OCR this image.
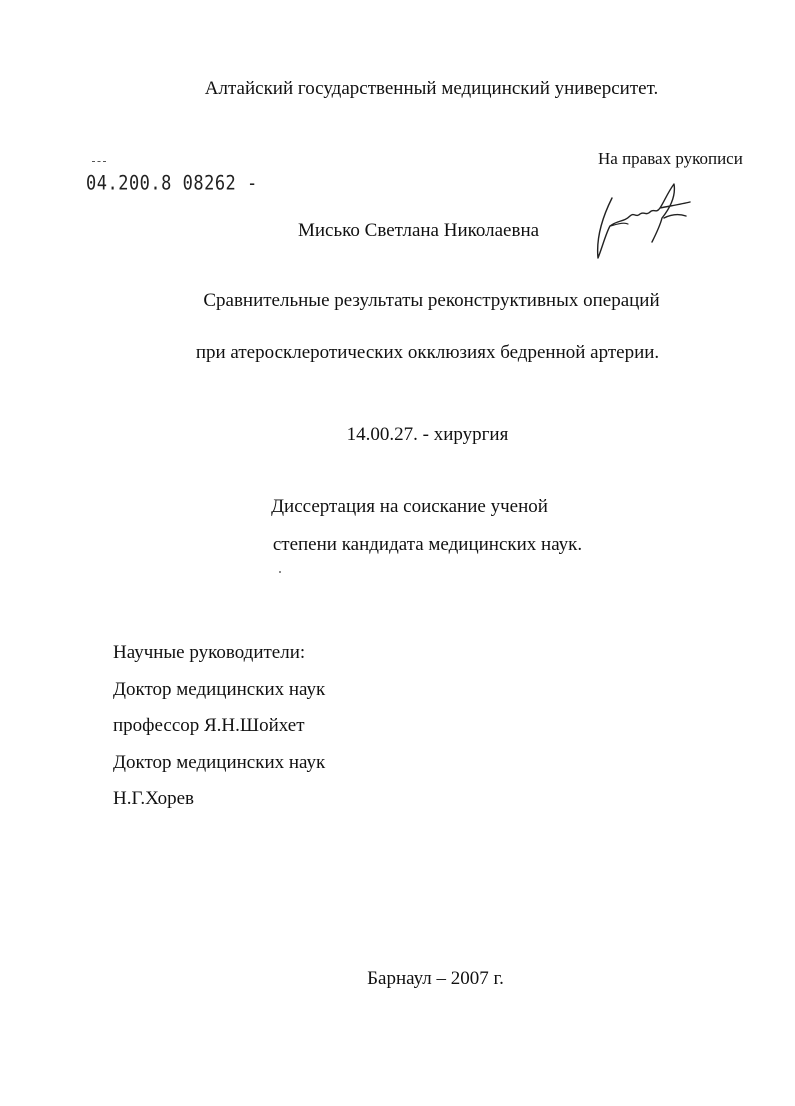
Алтайский государственный медицинский университет.
На правах рукописи
04.200.8 08262 -
Мисько Светлана Николаевна
Сравнительные результаты реконструктивных операций
при атеросклеротических окклюзиях бедренной артерии.
14.00.27. - хирургия
Диссертация на соискание ученой
степени кандидата медицинских наук.
Научные руководители:
Доктор медицинских наук
профессор Я.Н.Шойхет
Доктор медицинских наук
Н.Г.Хорев
Барнаул – 2007 г.
